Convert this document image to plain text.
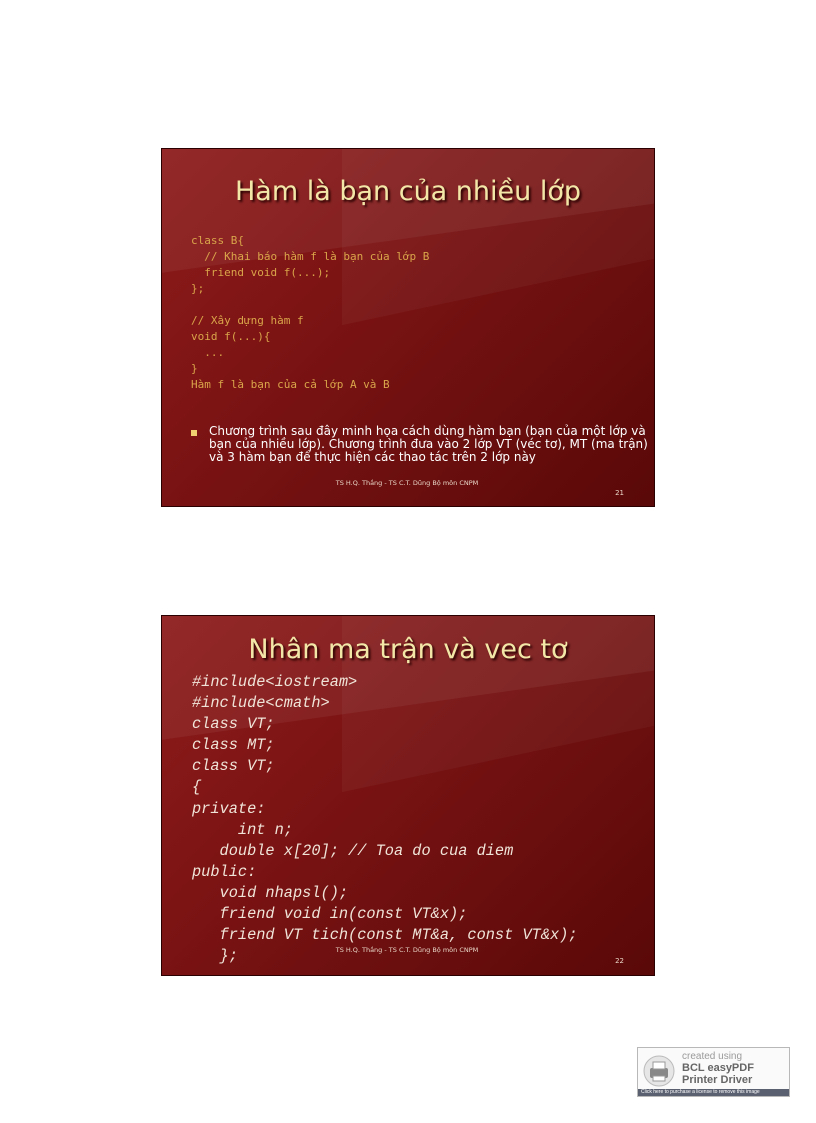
Hàm là bạn của nhiều lớp
class B{
// Khai báo hàm f là bạn của lớp B
friend void f(...);
};

// Xây dựng hàm f
void f(...){
...
}
Hàm f là bạn của cả lớp A và B
Chương trình sau đây minh họa cách dùng hàm bạn (bạn của một lớp và bạn của nhiều lớp). Chương trình đưa vào 2 lớp VT (véc tơ), MT (ma trận) và 3 hàm bạn để thực hiện các thao tác trên 2 lớp này
TS H.Q. Thắng - TS C.T. Dũng Bộ môn CNPM
21
Nhân ma trận và vec tơ
#include<iostream>
#include<cmath>
class VT;
class MT;
class VT;
{
private:
int n;
double x[20]; // Toa do cua diem
public:
void nhapsl();
friend void in(const VT&x);
friend VT tich(const MT&a, const VT&x);
};	TS H.Q. Thắng - TS C.T. Dũng Bộ môn CNPM
22
created using
BCL easyPDF
Printer Driver
Click here to purchase a license to remove this image
